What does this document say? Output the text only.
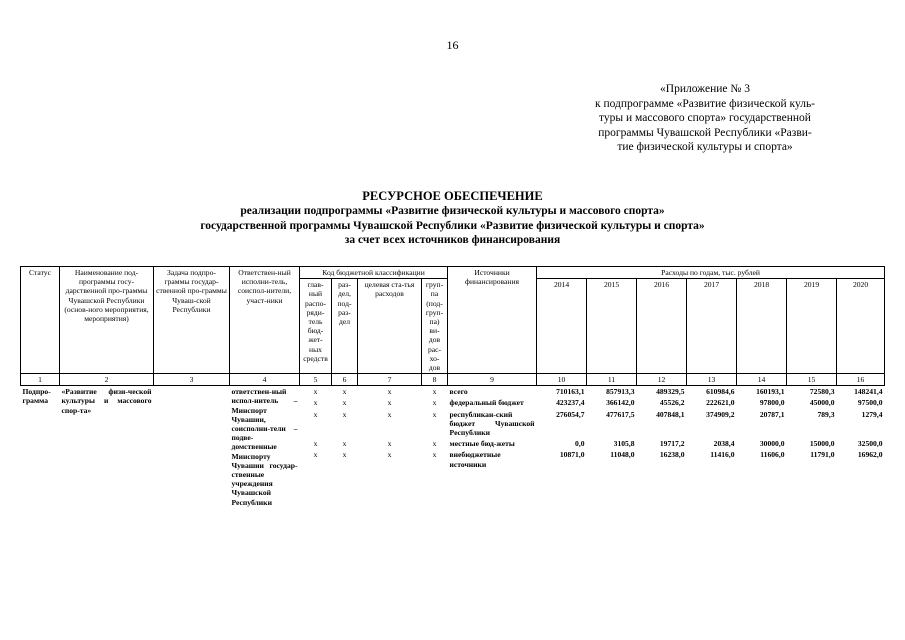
16
«Приложение № 3
к подпрограмме «Развитие физической куль-
туры и массового спорта» государственной
программы Чувашской Республики «Разви-
тие физической культуры и спорта»
РЕСУРСНОЕ ОБЕСПЕЧЕНИЕ
реализации подпрограммы «Развитие физической культуры и массового спорта»
государственной программы Чувашской Республики «Развитие физической культуры и спорта»
за счет всех источников финансирования
Статус	Наименование под-программы госу-дарственной про-граммы Чувашской Республики (основ-ного мероприятия, мероприятия)	Задача подпро-граммы государ-ственной про-граммы Чуваш-ской Республики	Ответствен-ный исполни-тель, соиспол-нители, участ-ники	Код бюджетной классификации				Источники финансирования	Расходы по годам, тыс. рублей						
				глав-ный распо-ряди-тель бюд-жет-ных средств	раз-дел, под-раз-дел	целевая ста-тья расходов	груп-па (под-груп-па) ви-дов рас-хо-дов		2014	2015	2016	2017	2018	2019	2020
1	2	3	4	5	6	7	8	9	10	11	12	13	14	15	16
Подпро-грамма	«Развитие физи-ческой культуры и массового спор-та»		ответствен-ный испол-нитель – Минспорт Чувашии, соисполни-тели – подве-домственные Минспорту Чувашии государ-ственные учреждения Чувашской Республики	x	x	x	x	всего	710163,1	857913,3	489329,5	610984,6	160193,1	72580,3	148241,4
				x	x	x	x	федеральный бюджет	423237,4	366142,0	45526,2	222621,0	97800,0	45000,0	97500,0
				x	x	x	x	республикан-ский бюджет Чувашской Республики	276054,7	477617,5	407848,1	374909,2	20787,1	789,3	1279,4
				x	x	x	x	местные бюд-жеты	0,0	3105,8	19717,2	2038,4	30000,0	15000,0	32500,0
				x	x	x	x	внебюджетные источники	10871,0	11048,0	16238,0	11416,0	11606,0	11791,0	16962,0
